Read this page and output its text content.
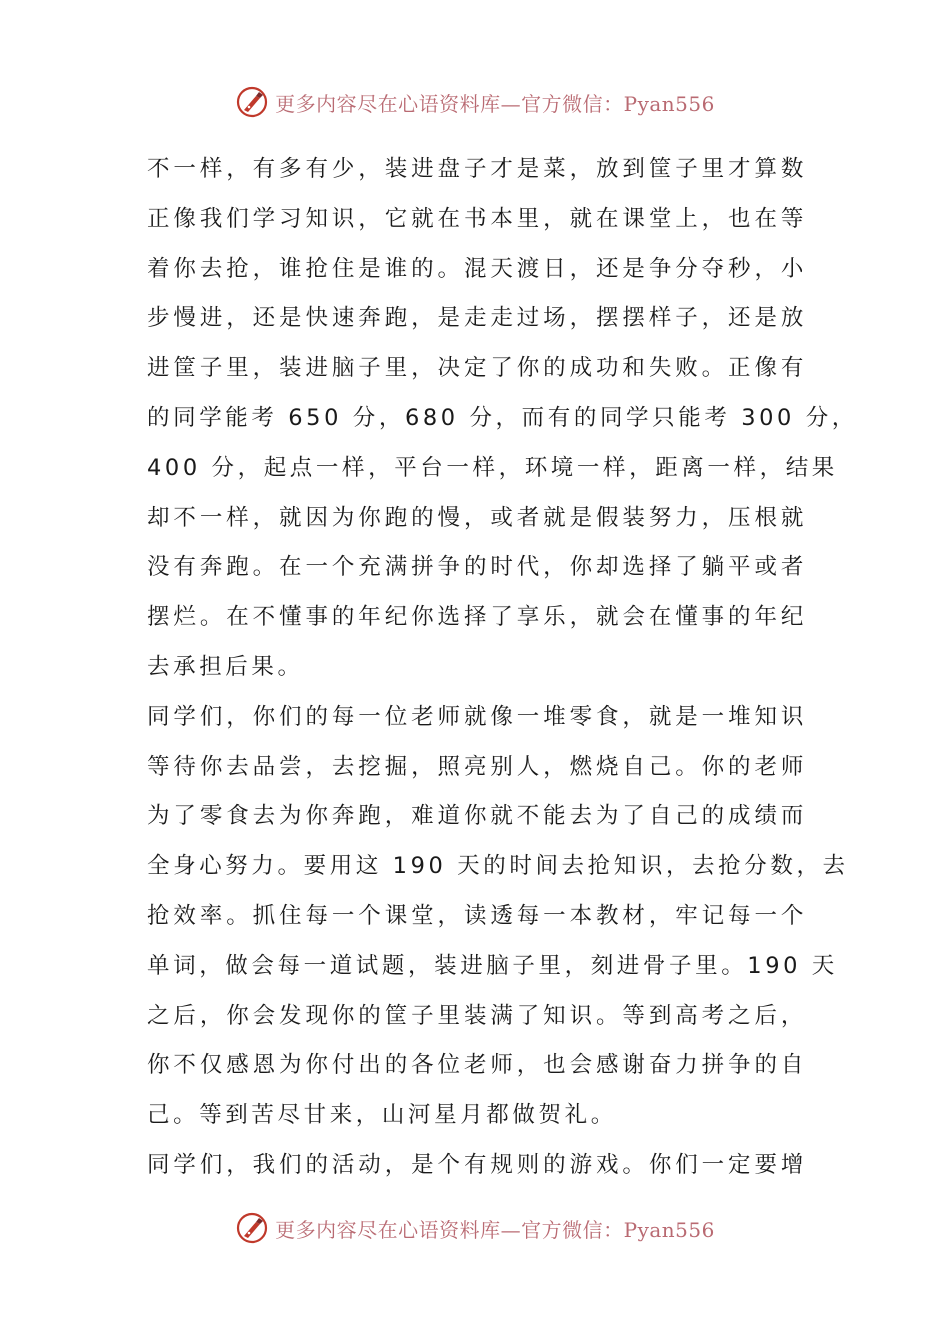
更多内容尽在心语资料库—官方微信：Pyan556
不一样，有多有少，装进盘子才是菜，放到筐子里才算数
正像我们学习知识，它就在书本里，就在课堂上，也在等
着你去抢，谁抢住是谁的。混天渡日，还是争分夺秒，小
步慢进，还是快速奔跑，是走走过场，摆摆样子，还是放
进筐子里，装进脑子里，决定了你的成功和失败。正像有
的同学能考 650 分，680 分，而有的同学只能考 300 分，
400 分，起点一样，平台一样，环境一样，距离一样，结果
却不一样，就因为你跑的慢，或者就是假装努力，压根就
没有奔跑。在一个充满拼争的时代，你却选择了躺平或者
摆烂。在不懂事的年纪你选择了享乐，就会在懂事的年纪
去承担后果。
同学们，你们的每一位老师就像一堆零食，就是一堆知识
等待你去品尝，去挖掘，照亮别人，燃烧自己。你的老师
为了零食去为你奔跑，难道你就不能去为了自己的成绩而
全身心努力。要用这 190 天的时间去抢知识，去抢分数，去
抢效率。抓住每一个课堂，读透每一本教材，牢记每一个
单词，做会每一道试题，装进脑子里，刻进骨子里。190 天
之后，你会发现你的筐子里装满了知识。等到高考之后，
你不仅感恩为你付出的各位老师，也会感谢奋力拼争的自
己。等到苦尽甘来，山河星月都做贺礼。
同学们，我们的活动，是个有规则的游戏。你们一定要增
更多内容尽在心语资料库—官方微信：Pyan556
